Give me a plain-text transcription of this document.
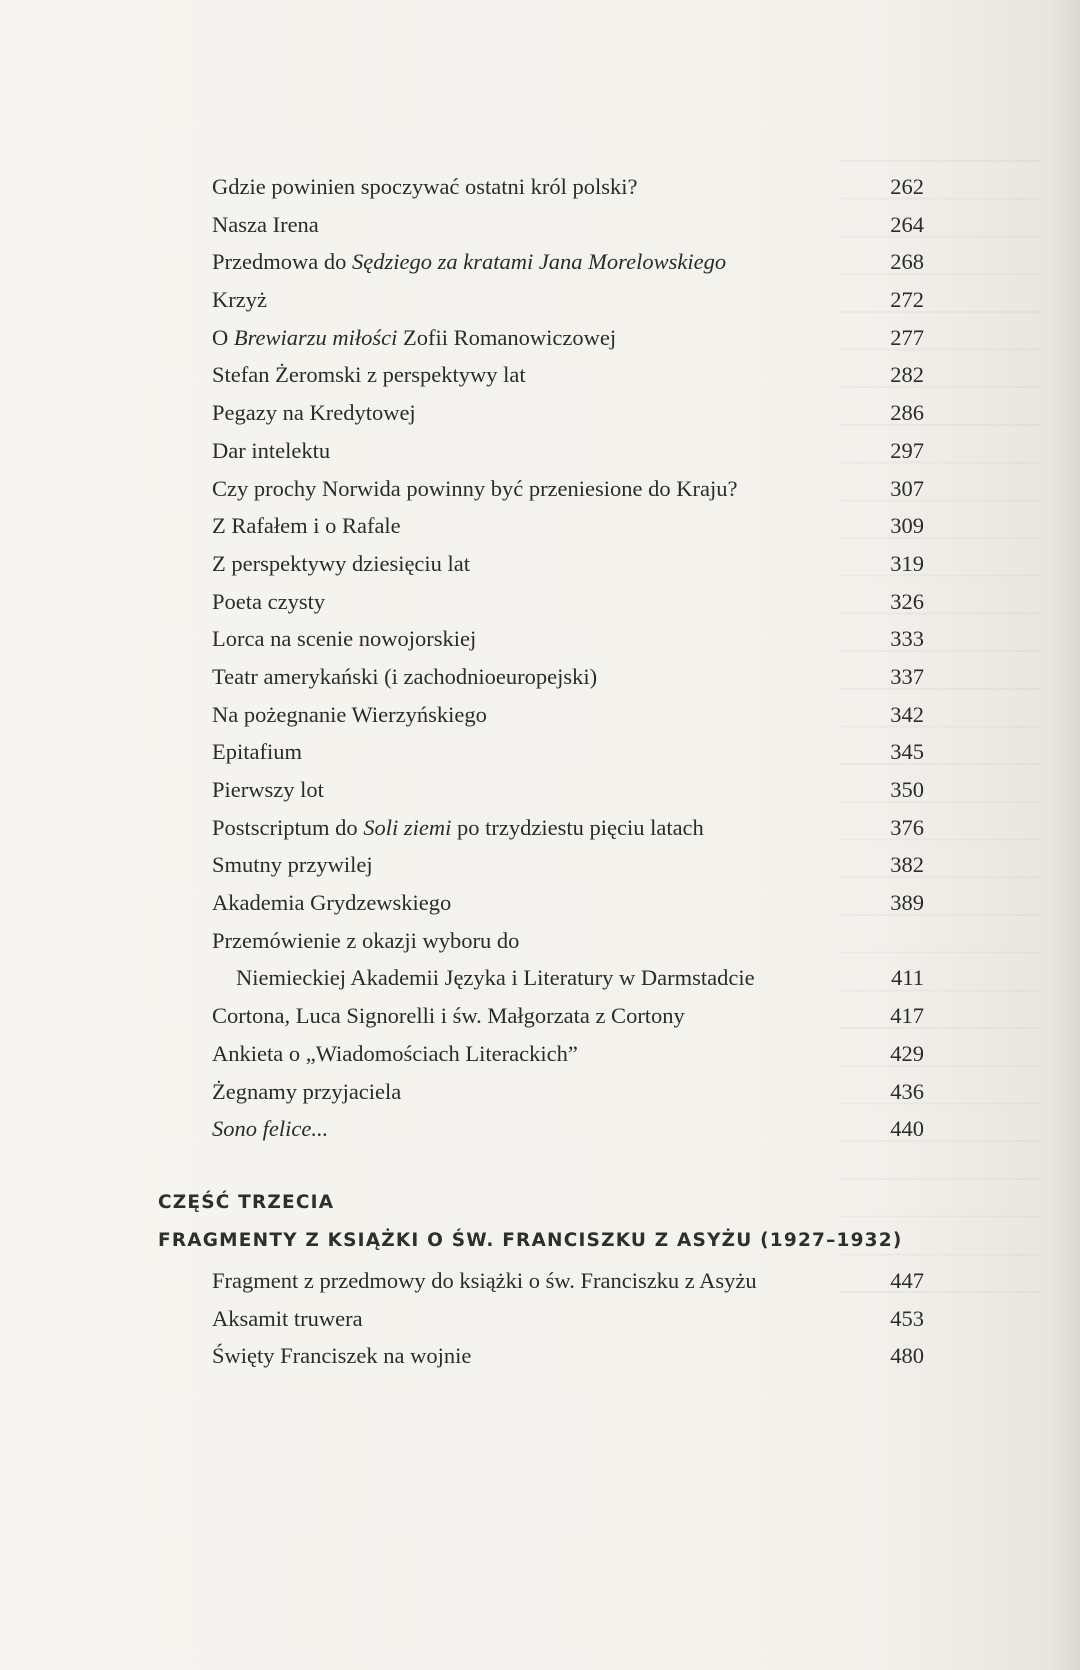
Gdzie powinien spoczywać ostatni król polski?	262
Nasza Irena	264
Przedmowa do Sędziego za kratami Jana Morelowskiego	268
Krzyż	272
O Brewiarzu miłości Zofii Romanowiczowej	277
Stefan Żeromski z perspektywy lat	282
Pegazy na Kredytowej	286
Dar intelektu	297
Czy prochy Norwida powinny być przeniesione do Kraju?	307
Z Rafałem i o Rafale	309
Z perspektywy dziesięciu lat	319
Poeta czysty	326
Lorca na scenie nowojorskiej	333
Teatr amerykański (i zachodnioeuropejski)	337
Na pożegnanie Wierzyńskiego	342
Epitafium	345
Pierwszy lot	350
Postscriptum do Soli ziemi po trzydziestu pięciu latach	376
Smutny przywilej	382
Akademia Grydzewskiego	389
Przemówienie z okazji wyboru do
Niemieckiej Akademii Języka i Literatury w Darmstadcie	411
Cortona, Luca Signorelli i św. Małgorzata z Cortony	417
Ankieta o „Wiadomościach Literackich”	429
Żegnamy przyjaciela	436
Sono felice...	440
CZĘŚĆ TRZECIA
FRAGMENTY Z KSIĄŻKI O ŚW. FRANCISZKU Z ASYŻU (1927–1932)
Fragment z przedmowy do książki o św. Franciszku z Asyżu	447
Aksamit truwera	453
Święty Franciszek na wojnie	480
